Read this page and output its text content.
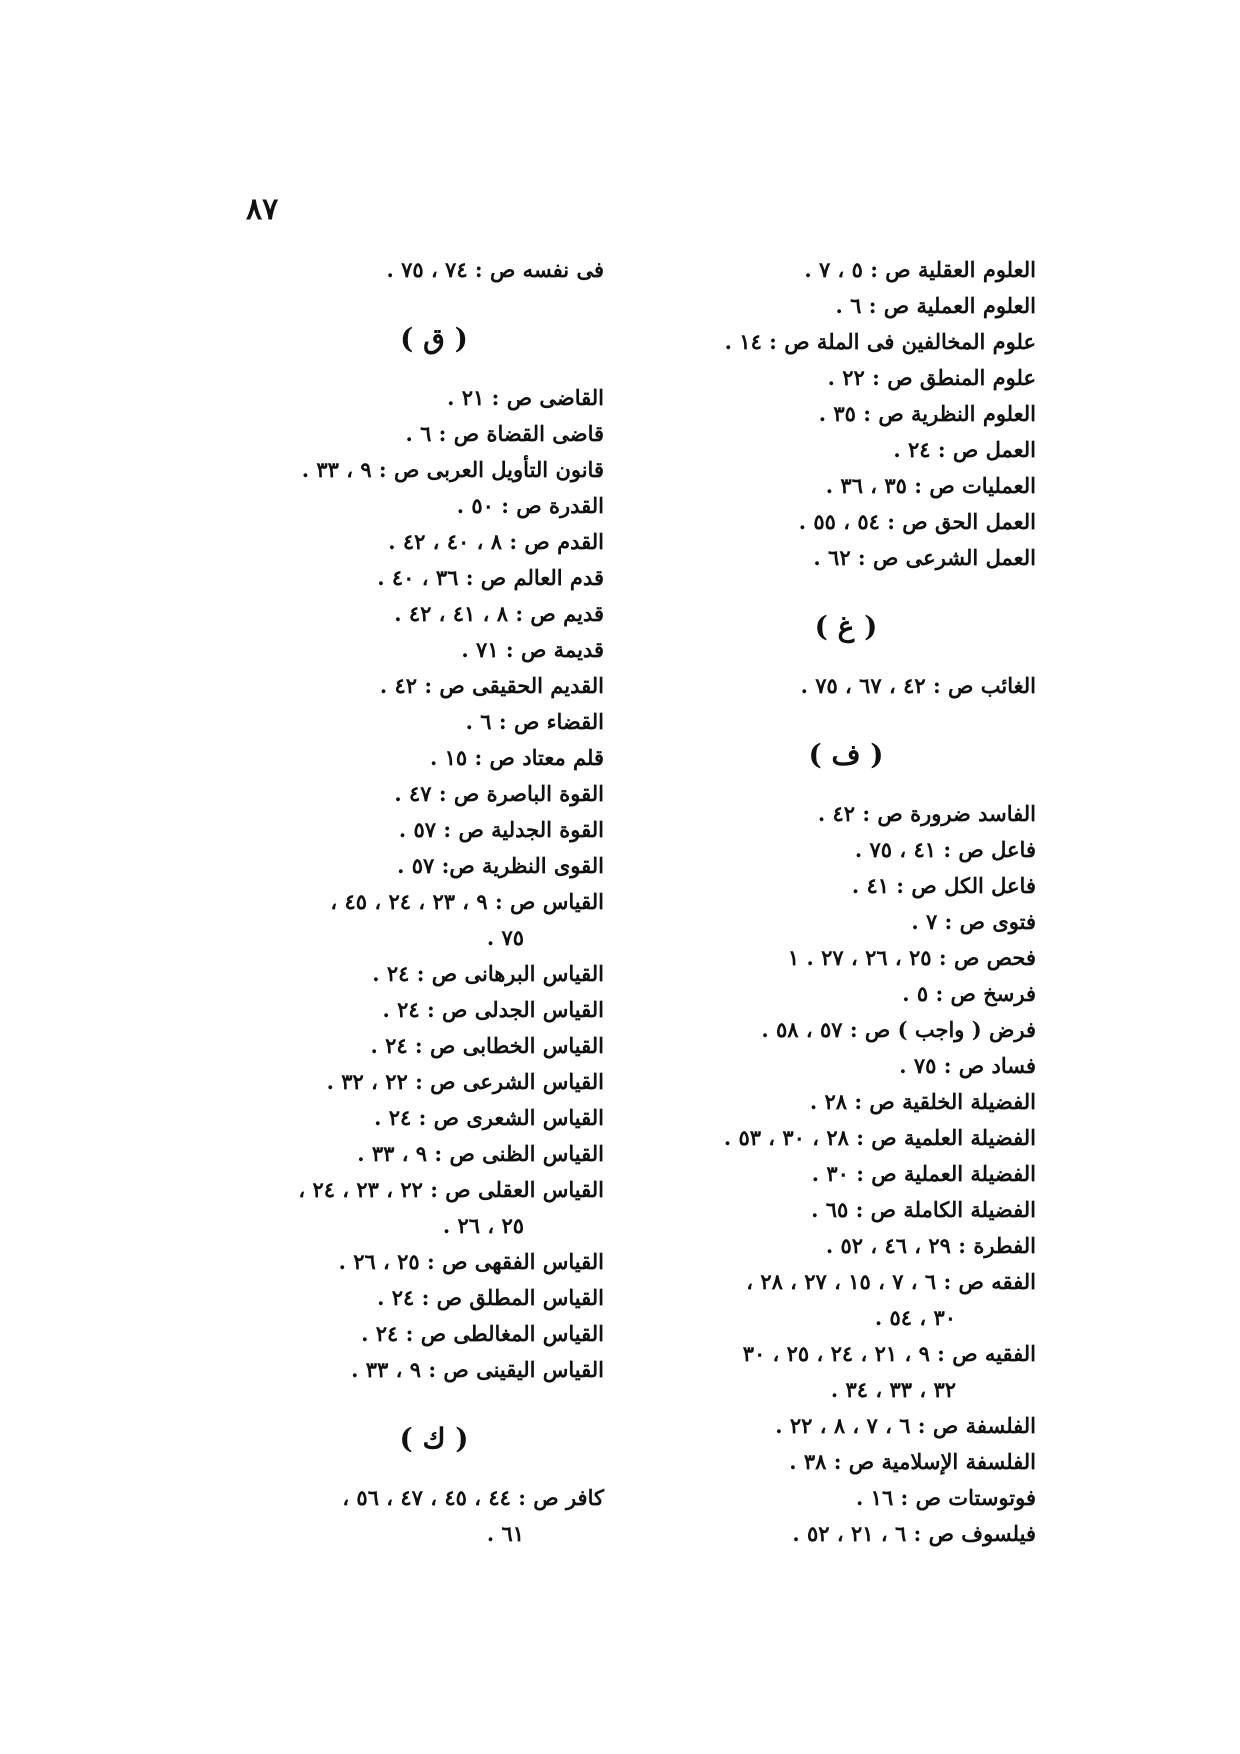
٨٧
العلوم العقلية ص : ٥ ، ٧ .
العلوم العملية ص : ٦ .
علوم المخالفين فى الملة ص : ١٤ .
علوم المنطق ص : ٢٢ .
العلوم النظرية ص : ٣٥ .
العمل ص : ٢٤ .
العمليات ص : ٣٥ ، ٣٦ .
العمل الحق ص : ٥٤ ، ٥٥ .
العمل الشرعى ص : ٦٢ .
( غ )
الغائب ص : ٤٢ ، ٦٧ ، ٧٥ .
( ف )
الفاسد ضرورة ص : ٤٢ .
فاعل ص : ٤١ ، ٧٥ .
فاعل الكل ص : ٤١ .
فتوى ص : ٧ .
فحص ص : ٢٥ ، ٢٦ ، ٢٧ . ١
فرسخ ص : ٥ .
فرض ( واجب ) ص : ٥٧ ، ٥٨ .
فساد ص : ٧٥ .
الفضيلة الخلقية ص : ٢٨ .
الفضيلة العلمية ص : ٢٨ ، ٣٠ ، ٥٣ .
الفضيلة العملية ص : ٣٠ .
الفضيلة الكاملة ص : ٦٥ .
الفطرة : ٢٩ ، ٤٦ ، ٥٢ .
الفقه ص : ٦ ، ٧ ، ١٥ ، ٢٧ ، ٢٨ ،
٣٠ ، ٥٤ .
الفقيه ص : ٩ ، ٢١ ، ٢٤ ، ٢٥ ، ٣٠
٣٢ ، ٣٣ ، ٣٤ .
الفلسفة ص : ٦ ، ٧ ، ٨ ، ٢٢ .
الفلسفة الإسلامية ص : ٣٨ .
فوتوستات ص : ١٦ .
فيلسوف ص : ٦ ، ٢١ ، ٥٢ .
فى نفسه ص : ٧٤ ، ٧٥ .
( ق )
القاضى ص : ٢١ .
قاضى القضاة ص : ٦ .
قانون التأويل العربى ص : ٩ ، ٣٣ .
القدرة ص : ٥٠ .
القدم ص : ٨ ، ٤٠ ، ٤٢ .
قدم العالم ص : ٣٦ ، ٤٠ .
قديم ص : ٨ ، ٤١ ، ٤٢ .
قديمة ص : ٧١ .
القديم الحقيقى ص : ٤٢ .
القضاء ص : ٦ .
قلم معتاد ص : ١٥ .
القوة الباصرة ص : ٤٧ .
القوة الجدلية ص : ٥٧ .
القوى النظرية ص: ٥٧ .
القياس ص : ٩ ، ٢٣ ، ٢٤ ، ٤٥ ،
٧٥ .
القياس البرهانى ص : ٢٤ .
القياس الجدلى ص : ٢٤ .
القياس الخطابى ص : ٢٤ .
القياس الشرعى ص : ٢٢ ، ٣٢ .
القياس الشعرى ص : ٢٤ .
القياس الظنى ص : ٩ ، ٣٣ .
القياس العقلى ص : ٢٢ ، ٢٣ ، ٢٤ ،
٢٥ ، ٢٦ .
القياس الفقهى ص : ٢٥ ، ٢٦ .
القياس المطلق ص : ٢٤ .
القياس المغالطى ص : ٢٤ .
القياس اليقينى ص : ٩ ، ٣٣ .
( ك )
كافر ص : ٤٤ ، ٤٥ ، ٤٧ ، ٥٦ ،
٦١ .
